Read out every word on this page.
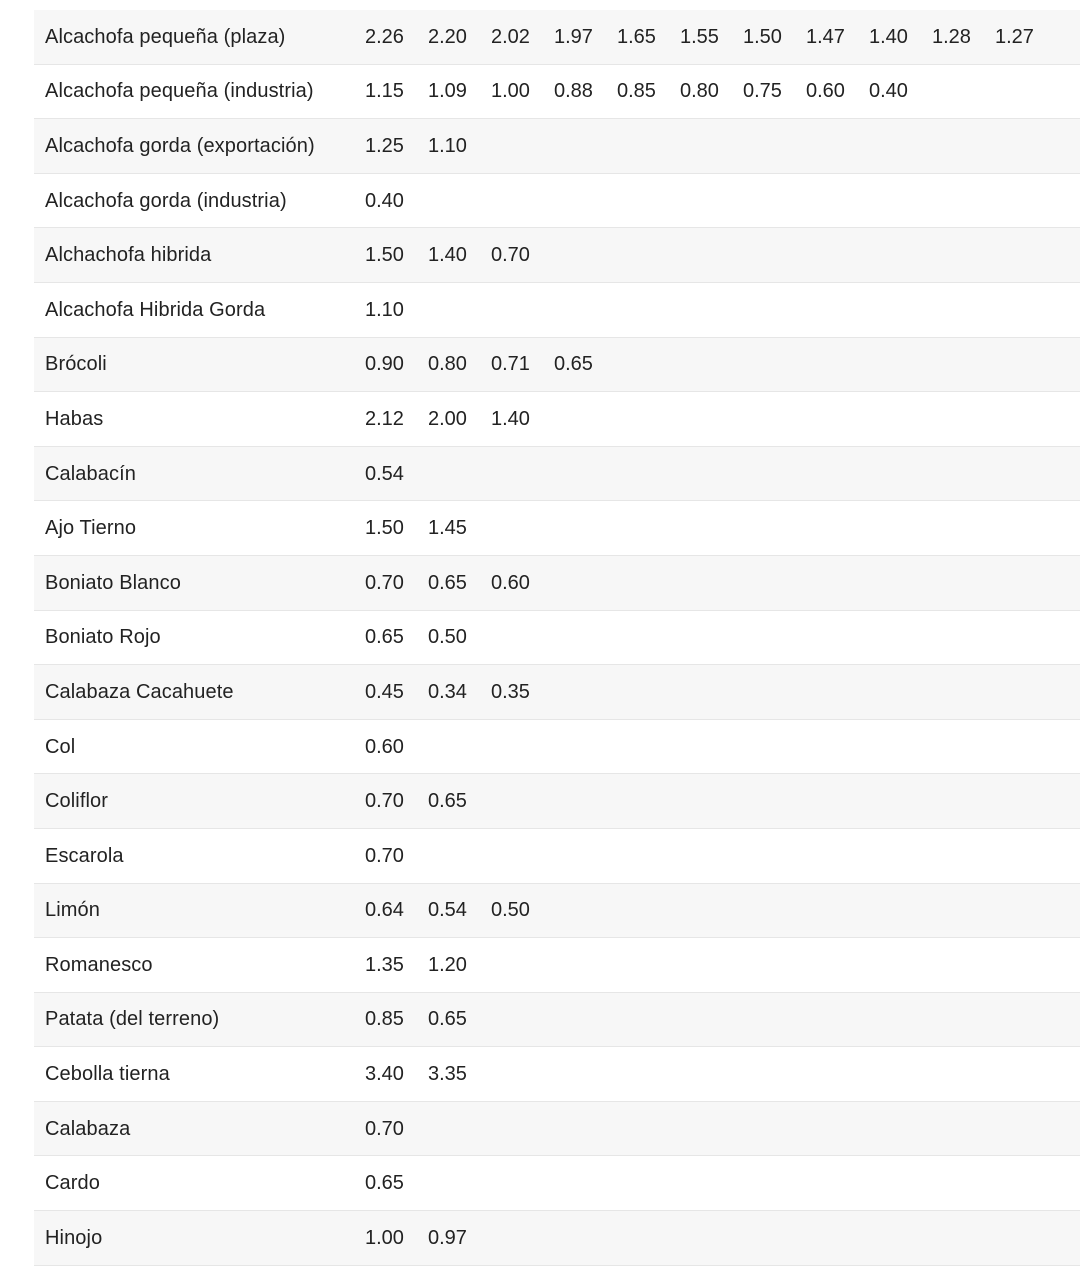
Alcachofa pequeña (plaza)	2.26	2.20	2.02	1.97	1.65	1.55	1.50	1.47	1.40	1.28	1.27	
Alcachofa pequeña (industria)	1.15	1.09	1.00	0.88	0.85	0.80	0.75	0.60	0.40			
Alcachofa gorda (exportación)	1.25	1.10										
Alcachofa gorda (industria)	0.40											
Alchachofa hibrida	1.50	1.40	0.70									
Alcachofa Hibrida Gorda	1.10											
Brócoli	0.90	0.80	0.71	0.65								
Habas	2.12	2.00	1.40									
Calabacín	0.54											
Ajo Tierno	1.50	1.45										
Boniato Blanco	0.70	0.65	0.60									
Boniato Rojo	0.65	0.50										
Calabaza Cacahuete	0.45	0.34	0.35									
Col	0.60											
Coliflor	0.70	0.65										
Escarola	0.70											
Limón	0.64	0.54	0.50									
Romanesco	1.35	1.20										
Patata (del terreno)	0.85	0.65										
Cebolla tierna	3.40	3.35										
Calabaza	0.70											
Cardo	0.65											
Hinojo	1.00	0.97										
